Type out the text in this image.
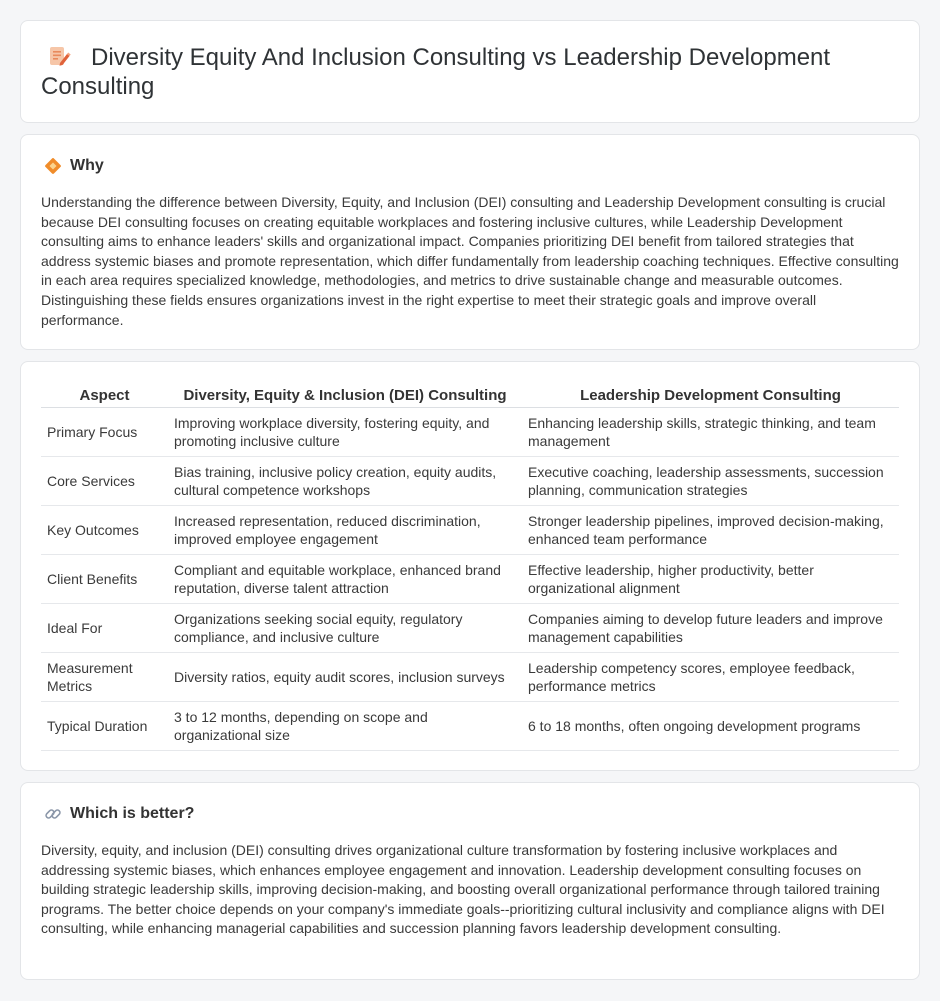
Diversity Equity And Inclusion Consulting vs Leadership Development Consulting
Why

Understanding the difference between Diversity, Equity, and Inclusion (DEI) consulting and Leadership Development consulting is crucial because DEI consulting focuses on creating equitable workplaces and fostering inclusive cultures, while Leadership Development consulting aims to enhance leaders' skills and organizational impact. Companies prioritizing DEI benefit from tailored strategies that address systemic biases and promote representation, which differ fundamentally from leadership coaching techniques. Effective consulting in each area requires specialized knowledge, methodologies, and metrics to drive sustainable change and measurable outcomes. Distinguishing these fields ensures organizations invest in the right expertise to meet their strategic goals and improve overall performance.

Aspect	Diversity, Equity & Inclusion (DEI) Consulting	Leadership Development Consulting
Primary Focus	Improving workplace diversity, fostering equity, and promoting inclusive culture	Enhancing leadership skills, strategic thinking, and team management
Core Services	Bias training, inclusive policy creation, equity audits, cultural competence workshops	Executive coaching, leadership assessments, succession planning, communication strategies
Key Outcomes	Increased representation, reduced discrimination, improved employee engagement	Stronger leadership pipelines, improved decision-making, enhanced team performance
Client Benefits	Compliant and equitable workplace, enhanced brand reputation, diverse talent attraction	Effective leadership, higher productivity, better organizational alignment
Ideal For	Organizations seeking social equity, regulatory compliance, and inclusive culture	Companies aiming to develop future leaders and improve management capabilities
Measurement Metrics	Diversity ratios, equity audit scores, inclusion surveys	Leadership competency scores, employee feedback, performance metrics
Typical Duration	3 to 12 months, depending on scope and organizational size	6 to 18 months, often ongoing development programs
Which is better?

Diversity, equity, and inclusion (DEI) consulting drives organizational culture transformation by fostering inclusive workplaces and addressing systemic biases, which enhances employee engagement and innovation. Leadership development consulting focuses on building strategic leadership skills, improving decision-making, and boosting overall organizational performance through tailored training programs. The better choice depends on your company's immediate goals--prioritizing cultural inclusivity and compliance aligns with DEI consulting, while enhancing managerial capabilities and succession planning favors leadership development consulting.
